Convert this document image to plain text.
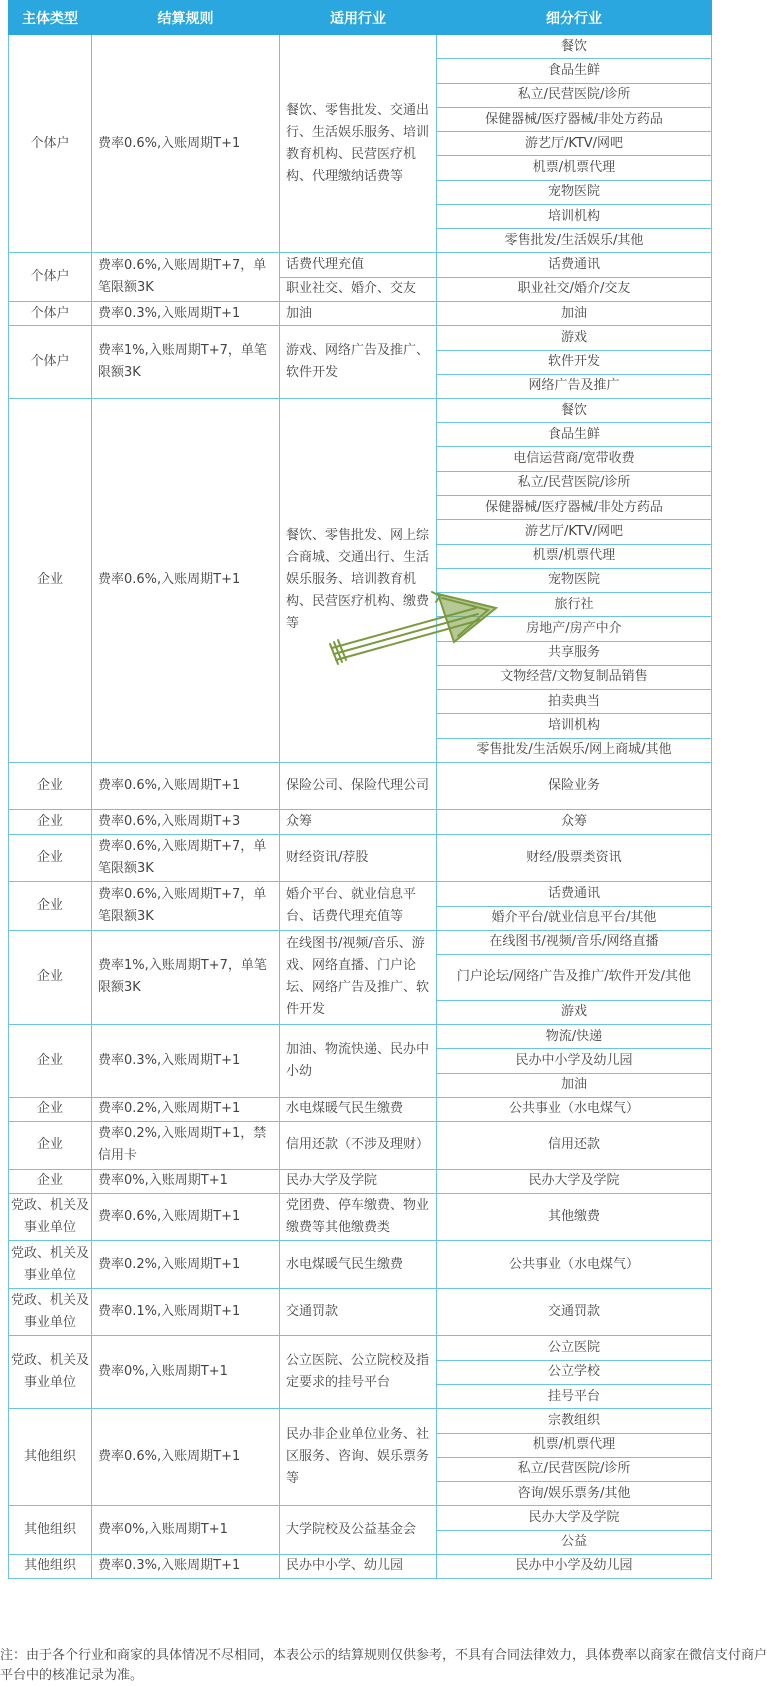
主体类型	结算规则	适用行业	细分行业
个体户	费率0.6%,入账周期T+1	餐饮、零售批发、交通出行、生活娱乐服务、培训教育机构、民营医疗机构、代理缴纳话费等	餐饮
			食品生鲜
			私立/民营医院/诊所
			保健器械/医疗器械/非处方药品
			游艺厅/KTV/网吧
			机票/机票代理
			宠物医院
			培训机构
			零售批发/生活娱乐/其他
个体户	费率0.6%,入账周期T+7，单笔限额3K	话费代理充值	话费通讯
		职业社交、婚介、交友	职业社交/婚介/交友
个体户	费率0.3%,入账周期T+1	加油	加油
个体户	费率1%,入账周期T+7，单笔限额3K	游戏、网络广告及推广、软件开发	游戏
			软件开发
			网络广告及推广
企业	费率0.6%,入账周期T+1	餐饮、零售批发、网上综合商城、交通出行、生活娱乐服务、培训教育机构、民营医疗机构、缴费等	餐饮
			食品生鲜
			电信运营商/宽带收费
			私立/民营医院/诊所
			保健器械/医疗器械/非处方药品
			游艺厅/KTV/网吧
			机票/机票代理
			宠物医院
			旅行社
			房地产/房产中介
			共享服务
			文物经营/文物复制品销售
			拍卖典当
			培训机构
			零售批发/生活娱乐/网上商城/其他
企业	费率0.6%,入账周期T+1	保险公司、保险代理公司	保险业务
企业	费率0.6%,入账周期T+3	众筹	众筹
企业	费率0.6%,入账周期T+7，单笔限额3K	财经资讯/荐股	财经/股票类资讯
企业	费率0.6%,入账周期T+7，单笔限额3K	婚介平台、就业信息平台、话费代理充值等	话费通讯
			婚介平台/就业信息平台/其他
企业	费率1%,入账周期T+7，单笔限额3K	在线图书/视频/音乐、游戏、网络直播、门户论坛、网络广告及推广、软件开发	在线图书/视频/音乐/网络直播
			门户论坛/网络广告及推广/软件开发/其他
			游戏
企业	费率0.3%,入账周期T+1	加油、物流快递、民办中小幼	物流/快递
			民办中小学及幼儿园
			加油
企业	费率0.2%,入账周期T+1	水电煤暖气民生缴费	公共事业（水电煤气）
企业	费率0.2%,入账周期T+1，禁信用卡	信用还款（不涉及理财）	信用还款
企业	费率0%,入账周期T+1	民办大学及学院	民办大学及学院
党政、机关及事业单位	费率0.6%,入账周期T+1	党团费、停车缴费、物业缴费等其他缴费类	其他缴费
党政、机关及事业单位	费率0.2%,入账周期T+1	水电煤暖气民生缴费	公共事业（水电煤气）
党政、机关及事业单位	费率0.1%,入账周期T+1	交通罚款	交通罚款
党政、机关及事业单位	费率0%,入账周期T+1	公立医院、公立院校及指定要求的挂号平台	公立医院
			公立学校
			挂号平台
其他组织	费率0.6%,入账周期T+1	民办非企业单位业务、社区服务、咨询、娱乐票务等	宗教组织
			机票/机票代理
			私立/民营医院/诊所
			咨询/娱乐票务/其他
其他组织	费率0%,入账周期T+1	大学院校及公益基金会	民办大学及学院
			公益
其他组织	费率0.3%,入账周期T+1	民办中小学、幼儿园	民办中小学及幼儿园

注：由于各个行业和商家的具体情况不尽相同，本表公示的结算规则仅供参考，不具有合同法律效力，具体费率以商家在微信支付商户平台中的核准记录为准。
